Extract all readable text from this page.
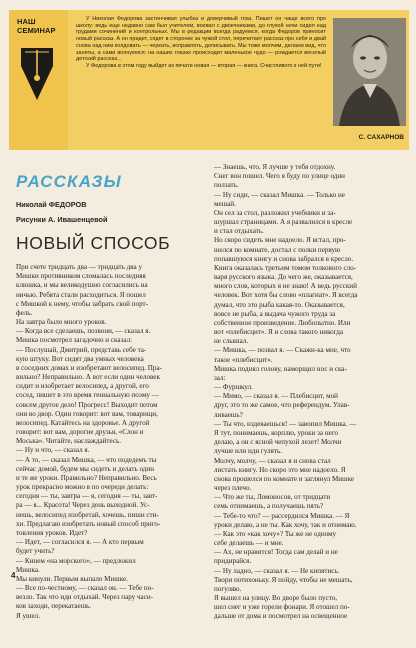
НАШ
СЕМИНАР

У Николая Федорова застенчивая улыбка и доверчивый глаз. Пишет он чаще всего про школу: ведь еще недавно сам был учителем, воевал с двоечниками, до глухой ночи сидел над грудами сочинений и контрольных. Мы в редакции всегда радуемся, когда Федоров приносит новый рассказ. А он придет, сядет в сторонке за чужой стол, перечитает рассказ про себя и двай снова над ним колдовать — черкать, исправлять, дописывать. Мы тоже молчим, делаем вид, что заняты, а сами волнуемся: на наших глазах происходит маленькое чудо — рождается веселый детский рассказ...

У Федорова в этом году выйдет из печати новая — вторая — книга. Счастливого к ней пути!

С. САХАРНОВ
РАССКАЗЫ
Николай ФЕДОРОВ
Рисунки А. Ивашенцевой
НОВЫЙ СПОСОБ
При счете тридцать два — тридцать два у
Мишки противником сломалась последняя
клюшка, и мы великодушно согласились на
ничью. Ребята стали расходиться. Я пошел
с Мишкой к нему, чтобы забрать свой порт-
фель.
На завтра было много уроков.
— Когда все сделаешь, позвони, — сказал я.
Мишка посмотрел загадочно и сказал:
— Послушай, Дмитрий, представь себе та-
кую штуку. Вот сидят два умных человека
в соседних домах и изобретают велосипед. Пра-
вильно? Неправильно. А вот если один человек
сидит и изобретает велосипед, а другой, его
сосед, пишет в это время гениальную поэму —
совсем другое дело! Прогресс! Выходит потом
они во двор. Один говорит: вот вам, товарищи,
велосипед. Катайтесь на здоровье. А другой
говорит: вот вам, дорогие друзья, «Слон и
Моська». Читайте, наслаждайтесь.
— Ну и что, — сказал я.
— А то, — сказал Мишка, — что подедемъ ты
сейчас домой, будем мы сидеть и делать один
и те же уроки. Правильно? Неправильно. Весь
урок прекрасно можно в по очереди делать:
сегодня — ты, завтра — я, сегодня — ты, завт-
ра — я... Красота! Через день выходной. Ус-
нешь, велосипед изобретай, хочешь, пиши сти-
хи. Предлагаю изобретать новый способ приго-
товления уроков. Идет?
— Идет, — согласился я. — А кто первым
будет учить?
— Кинем «на морского», — предложил
Мишка.
Мы кинули. Первым выпало Мишке.
— Все по-честному, — сказал он. — Тебе по-
везло. Так что иди отдыхай. Через пару часи-
ков заходи, перекатаешь.
Я ушел.
— Знаешь, что. Я лучше у тебя отдохну.
Снег вон пошел. Чего я буду по улице один
ползать.
— Ну сиди, — сказал Мишка. — Только не
мешай.
Он сел за стол, разложил учебники и за-
шуршал страницами. А я развалился в кресле
и стал отдыхать.
Но скоро сидеть мне надоело. Я встал, про-
шелся по комнате, достал с полки первую
попавшуюся книгу и снова забрался в кресло.
Книга оказалась третьим томом толкового сло-
варя русского языка. До чего же, оказывается,
много слов, которых я не знаю! А ведь русский
человек. Вот хотя бы слово «плагиат». Я всегда
думал, что это рыба какая-то. Оказывается,
вовсе не рыба, а выдача чужого труда за
собственное произведение. Любопытно. Или
вот «плебисцит». Я и слова такого никогда
не слышал.
— Мишка, — позвал я. — Скажи-ка мне, что
такое «плебисцит».
Мишка поднял голову, наморщил нос и ска-
зал:
— Фуршкул.
— Мимо, — сказал я. — Плебисцит, мой
друг, это то же самое, что референдум. Улав-
ливаешь?
— Ты что, издеваешься! — завопил Мишка. —
Я тут, понимаешь, корплю, уроки за него
делаю, а он с ясной чепухой лезет! Молчи
лучше или иди гулять.
Молчу, молчу, — сказал я и снова стал
листать книгу. Но скоро это мне надоело. Я
снова прошелся по комнате и заглянул Мишке
через плечо.
— Что же ты, Ломоносов, от тридцати
семь отнимаешь, а получаешь пять?
— Тебе-то что? — рассердился Мишка. — Я
уроки делаю, а не ты. Как хочу, так и отнимаю.
— Как это «как хочу»? Ты же не одному
себе делаешь — и мне.
— Ах, не нравится! Тогда сам делай и не
придирайся.
— Ну ладно, — сказал я. — Не кипятись.
Твори потихоньку. Я пойду, чтобы не мешать,
погуляю.
Я вышел на улицу. Во дворе было пусто,
шел снег и уже горели фонари. Я отошел по-
дальше от дома и посмотрел на освещенное
4
